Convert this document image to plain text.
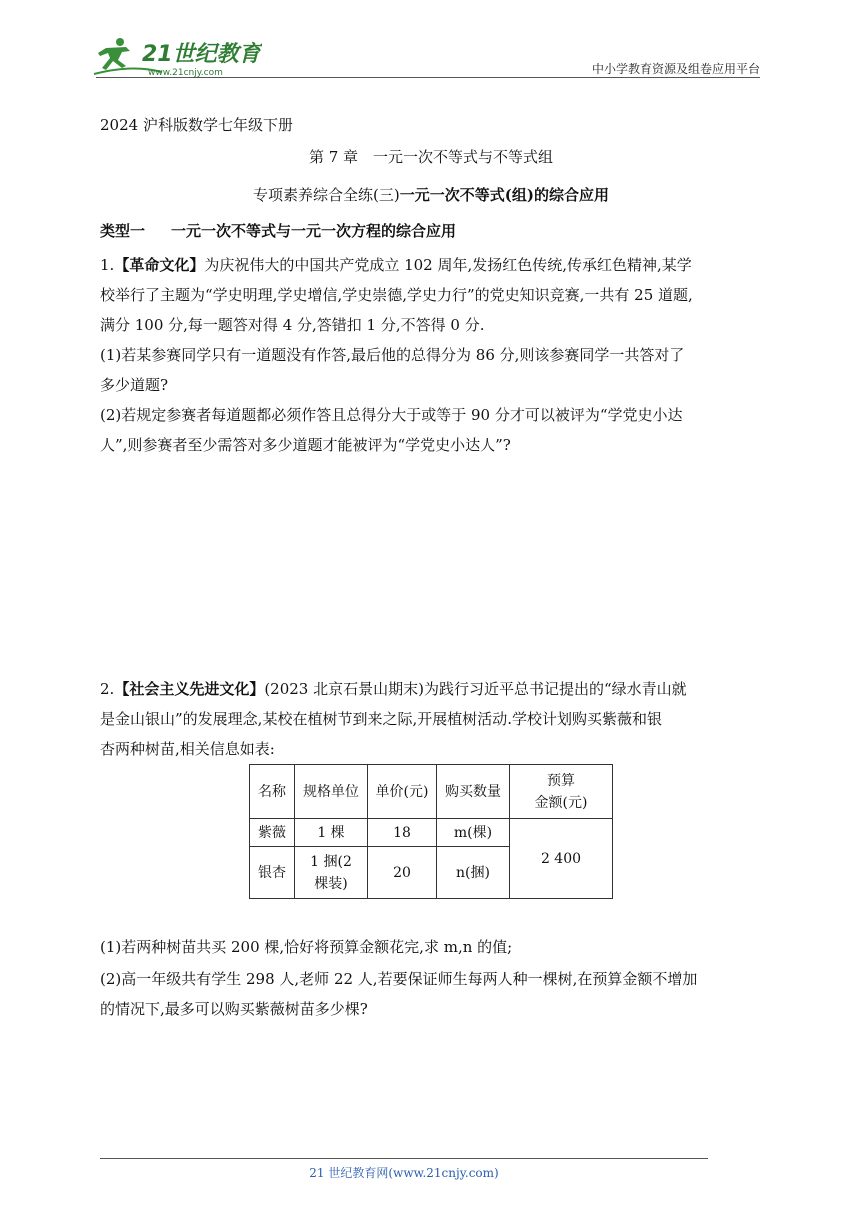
21世纪教育
www.21cnjy.com	中小学教育资源及组卷应用平台
2024 沪科版数学七年级下册
第 7 章　一元一次不等式与不等式组
专项素养综合全练(三)一元一次不等式(组)的综合应用
类型一 一元一次不等式与一元一次方程的综合应用
1.【革命文化】为庆祝伟大的中国共产党成立 102 周年,发扬红色传统,传承红色精神,某学
校举行了主题为“学史明理,学史增信,学史崇德,学史力行”的党史知识竞赛,一共有 25 道题,
满分 100 分,每一题答对得 4 分,答错扣 1 分,不答得 0 分.
(1)若某参赛同学只有一道题没有作答,最后他的总得分为 86 分,则该参赛同学一共答对了
多少道题?
(2)若规定参赛者每道题都必须作答且总得分大于或等于 90 分才可以被评为“学党史小达
人”,则参赛者至少需答对多少道题才能被评为“学党史小达人”?
2.【社会主义先进文化】(2023 北京石景山期末)为践行习近平总书记提出的“绿水青山就
是金山银山”的发展理念,某校在植树节到来之际,开展植树活动.学校计划购买紫薇和银
杏两种树苗,相关信息如表:
名称	规格单位	单价(元)	购买数量	预算
金额(元)

紫薇	1 棵	18	m(棵)	2 400
银杏	1 捆(2
棵装)	20	n(捆)	
(1)若两种树苗共买 200 棵,恰好将预算金额花完,求 m,n 的值;
(2)高一年级共有学生 298 人,老师 22 人,若要保证师生每两人种一棵树,在预算金额不增加
的情况下,最多可以购买紫薇树苗多少棵?
21 世纪教育网(www.21cnjy.com)
